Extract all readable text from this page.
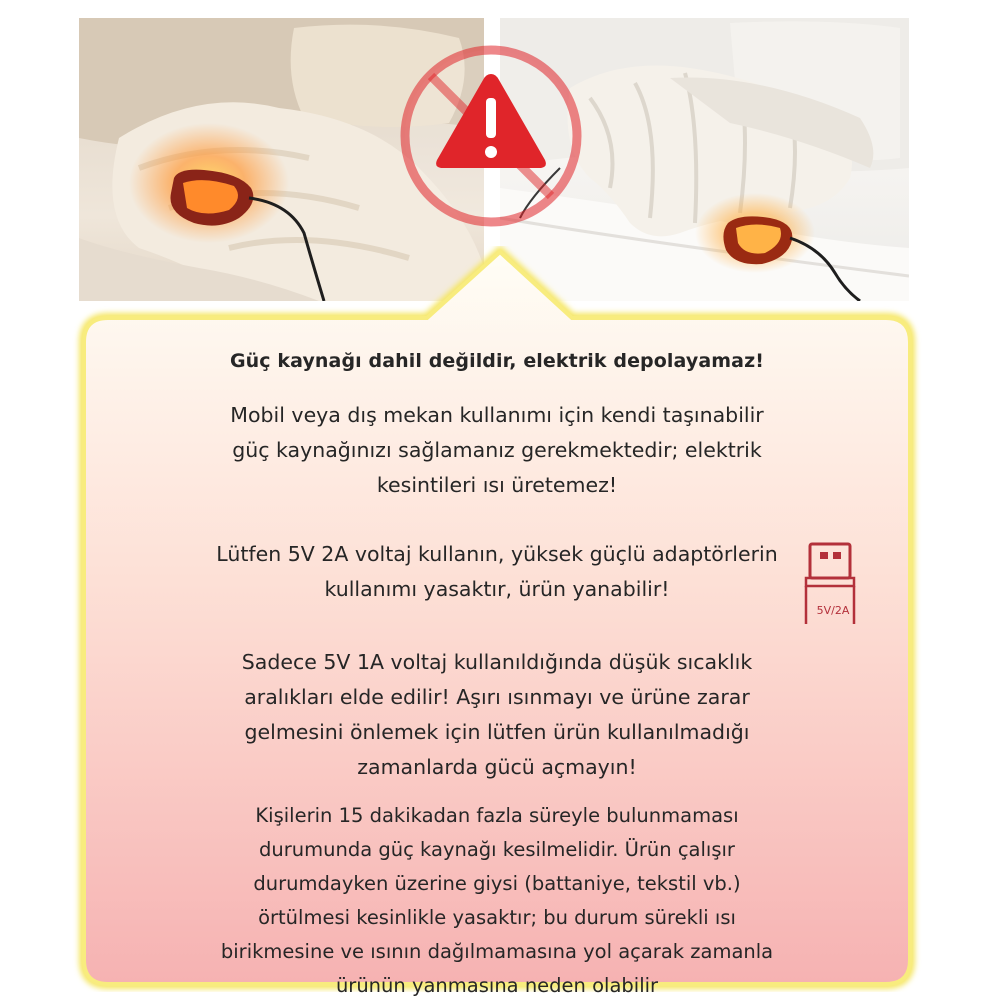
Güç kaynağı dahil değildir, elektrik depolayamaz!

Mobil veya dış mekan kullanımı için kendi taşınabilir
güç kaynağınızı sağlamanız gerekmektedir; elektrik
kesintileri ısı üretemez!

Lütfen 5V 2A voltaj kullanın, yüksek güçlü adaptörlerin
kullanımı yasaktır, ürün yanabilir!

Sadece 5V 1A voltaj kullanıldığında düşük sıcaklık
aralıkları elde edilir! Aşırı ısınmayı ve ürüne zarar
gelmesini önlemek için lütfen ürün kullanılmadığı
zamanlarda gücü açmayın!

Kişilerin 15 dakikadan fazla süreyle bulunmaması
durumunda güç kaynağı kesilmelidir. Ürün çalışır
durumdayken üzerine giysi (battaniye, tekstil vb.)
örtülmesi kesinlikle yasaktır; bu durum sürekli ısı
birikmesine ve ısının dağılmamasına yol açarak zamanla
ürünün yanmasına neden olabilir

5V/2A
